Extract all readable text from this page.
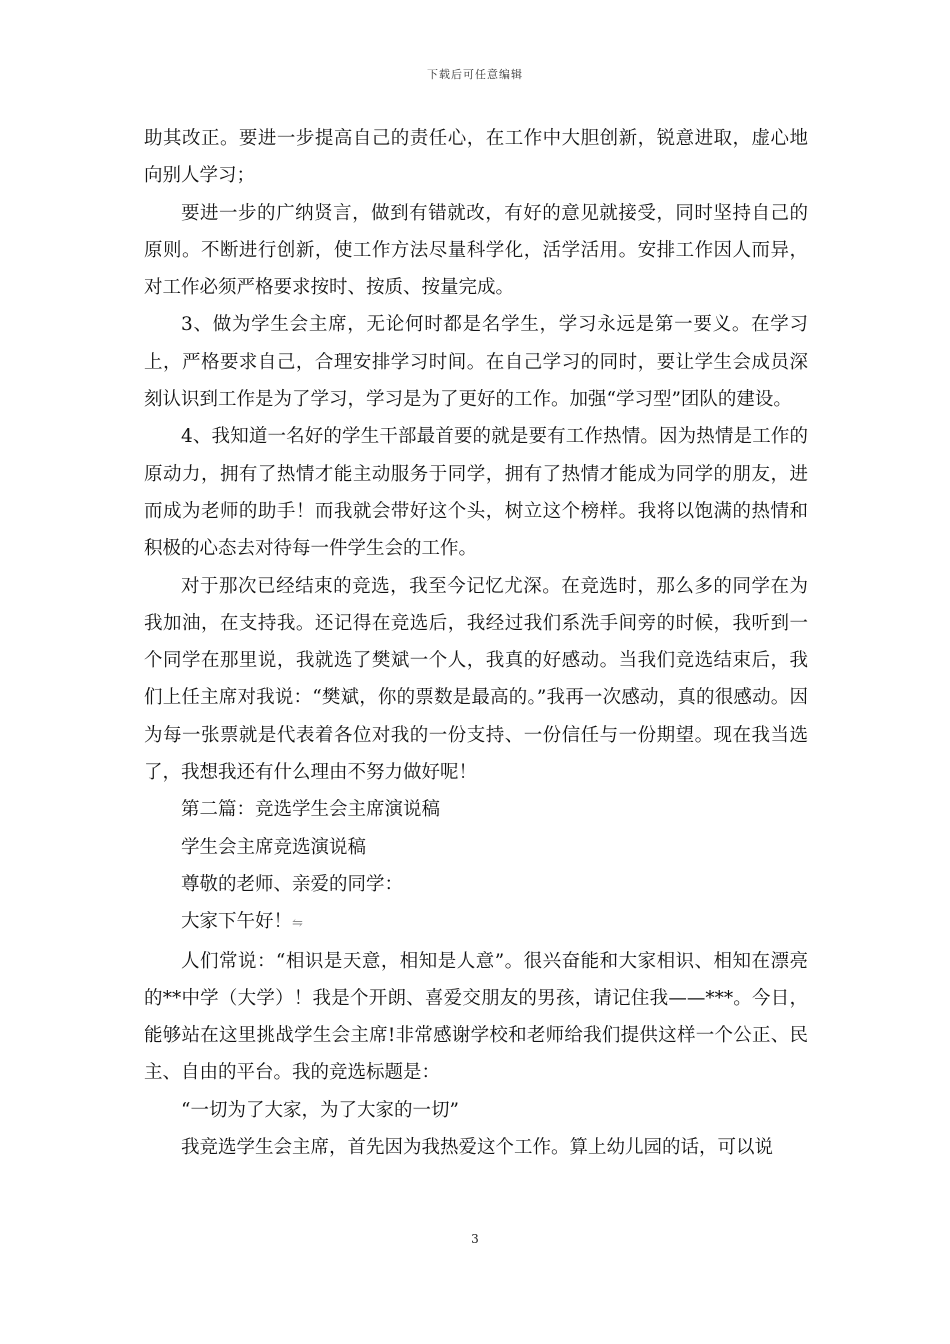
下载后可任意编辑

助其改正。要进一步提高自己的责任心，在工作中大胆创新，锐意进取，虚心地向别人学习；

要进一步的广纳贤言，做到有错就改，有好的意见就接受，同时坚持自己的原则。不断进行创新，使工作方法尽量科学化，活学活用。安排工作因人而异，对工作必须严格要求按时、按质、按量完成。

3、做为学生会主席，无论何时都是名学生，学习永远是第一要义。在学习上，严格要求自己，合理安排学习时间。在自己学习的同时，要让学生会成员深刻认识到工作是为了学习，学习是为了更好的工作。加强“学习型”团队的建设。

4、我知道一名好的学生干部最首要的就是要有工作热情。因为热情是工作的原动力，拥有了热情才能主动服务于同学，拥有了热情才能成为同学的朋友，进而成为老师的助手！而我就会带好这个头，树立这个榜样。我将以饱满的热情和积极的心态去对待每一件学生会的工作。

对于那次已经结束的竞选，我至今记忆尤深。在竞选时，那么多的同学在为我加油，在支持我。还记得在竞选后，我经过我们系洗手间旁的时候，我听到一个同学在那里说，我就选了樊斌一个人，我真的好感动。当我们竞选结束后，我们上任主席对我说：“樊斌，你的票数是最高的。”我再一次感动，真的很感动。因为每一张票就是代表着各位对我的一份支持、一份信任与一份期望。现在我当选了，我想我还有什么理由不努力做好呢！

第二篇：竞选学生会主席演说稿

学生会主席竞选演说稿

尊敬的老师、亲爱的同学：

大家下午好！⇋

人们常说：“相识是天意，相知是人意”。很兴奋能和大家相识、相知在漂亮的**中学（大学）！我是个开朗、喜爱交朋友的男孩，请记住我——***。今日，能够站在这里挑战学生会主席!非常感谢学校和老师给我们提供这样一个公正、民主、自由的平台。我的竞选标题是：

“一切为了大家，为了大家的一切”

我竞选学生会主席，首先因为我热爱这个工作。算上幼儿园的话，可以说

3
